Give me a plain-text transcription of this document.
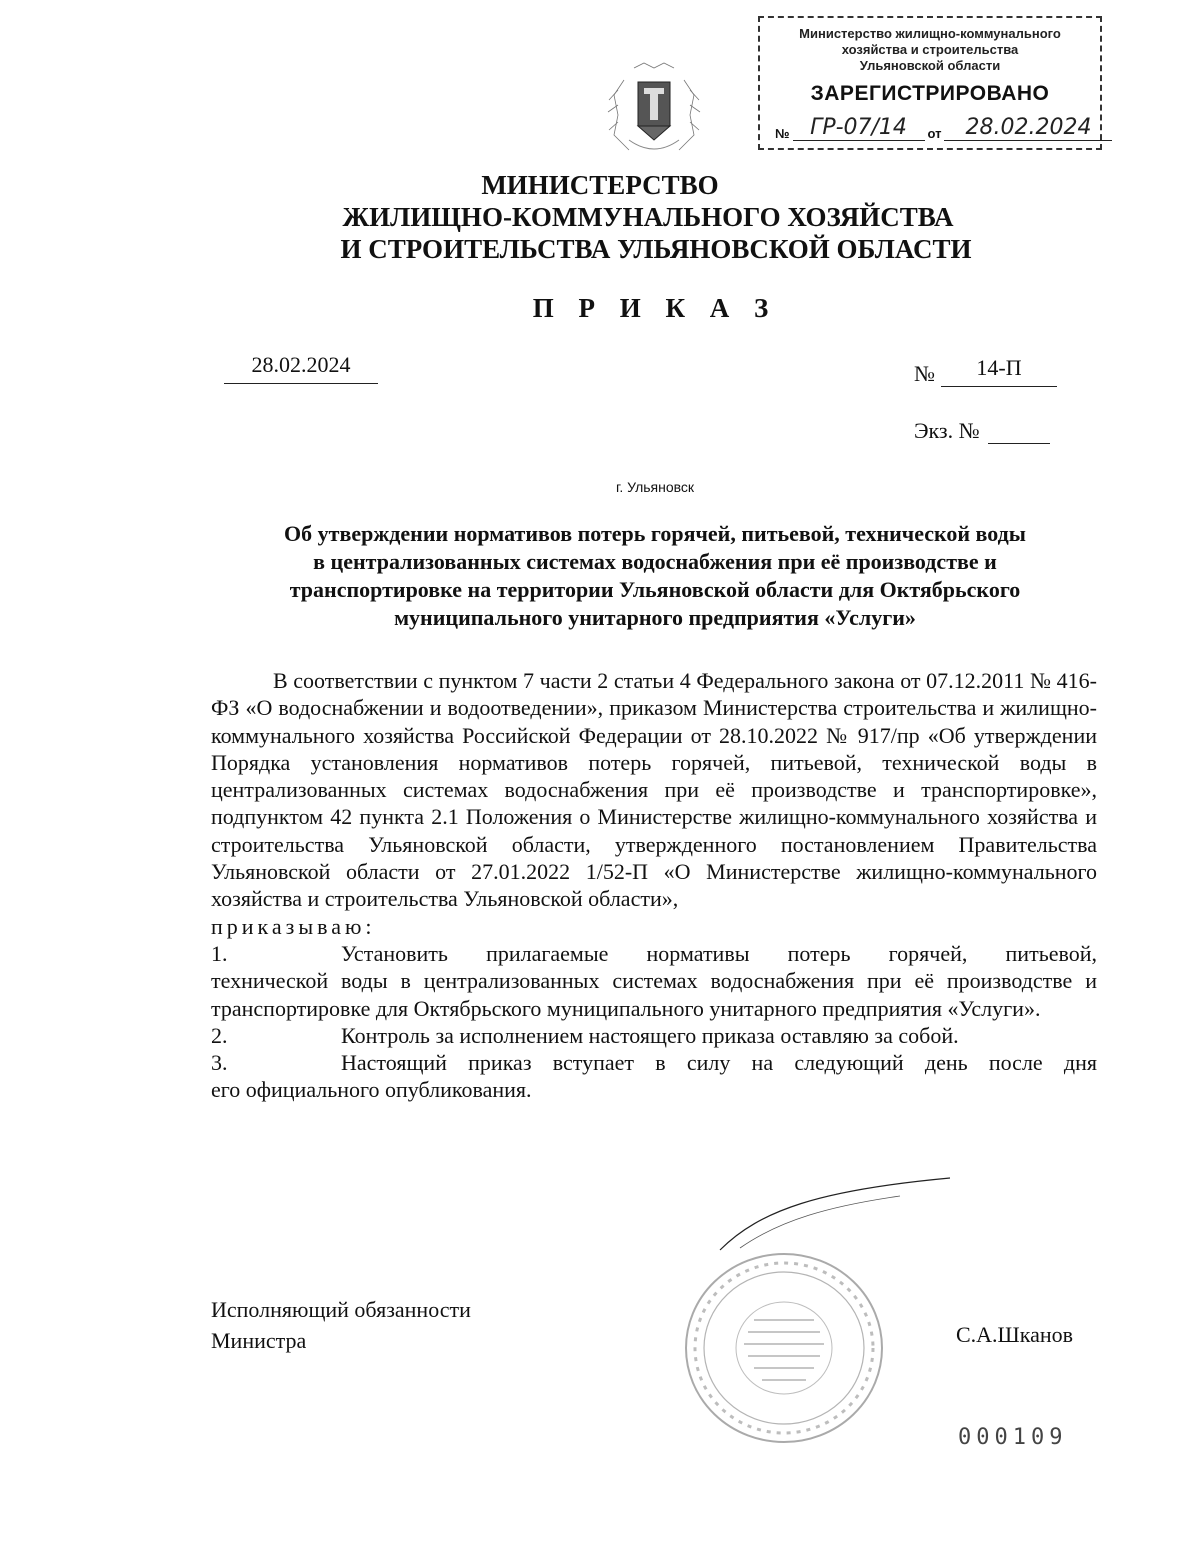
Министерство жилищно-коммунального
хозяйства и строительства
Ульяновской области
ЗАРЕГИСТРИРОВАНО
№ ГР-07/14	от	28.02.2024
МИНИСТЕРСТВО
ЖИЛИЩНО-КОММУНАЛЬНОГО ХОЗЯЙСТВА
И СТРОИТЕЛЬСТВА УЛЬЯНОВСКОЙ ОБЛАСТИ
П Р И К А З
28.02.2024	№	14-П
Экз. №
г. Ульяновск
Об утверждении нормативов потерь горячей, питьевой, технической воды
в централизованных системах водоснабжения при её производстве и
транспортировке на территории Ульяновской области для Октябрьского
муниципального унитарного предприятия «Услуги»

В соответствии с пунктом 7 части 2 статьи 4 Федерального закона от 07.12.2011 № 416-ФЗ «О водоснабжении и водоотведении», приказом Министерства строительства и жилищно-коммунального хозяйства Российской Федерации от 28.10.2022 № 917/пр «Об утверждении Порядка установления нормативов потерь горячей, питьевой, технической воды в централизованных системах водоснабжения при её производстве и транспортировке», подпунктом 42 пункта 2.1 Положения о Министерстве жилищно-коммунального хозяйства и строительства Ульяновской области, утвержденного постановлением Правительства Ульяновской области от 27.01.2022 1/52-П «О Министерстве жилищно-коммунального хозяйства и строительства Ульяновской области»,

приказываю:

1.	Установить прилагаемые нормативы потерь горячей, питьевой,

технической воды в централизованных системах водоснабжения при её производстве и транспортировке для Октябрьского муниципального унитарного предприятия «Услуги».

2.	Контроль за исполнением настоящего приказа оставляю за собой.
3.	Настоящий приказ вступает в силу на следующий день после дня

его официального опубликования.

Исполняющий обязанности
Министра	С.А.Шканов
000109
